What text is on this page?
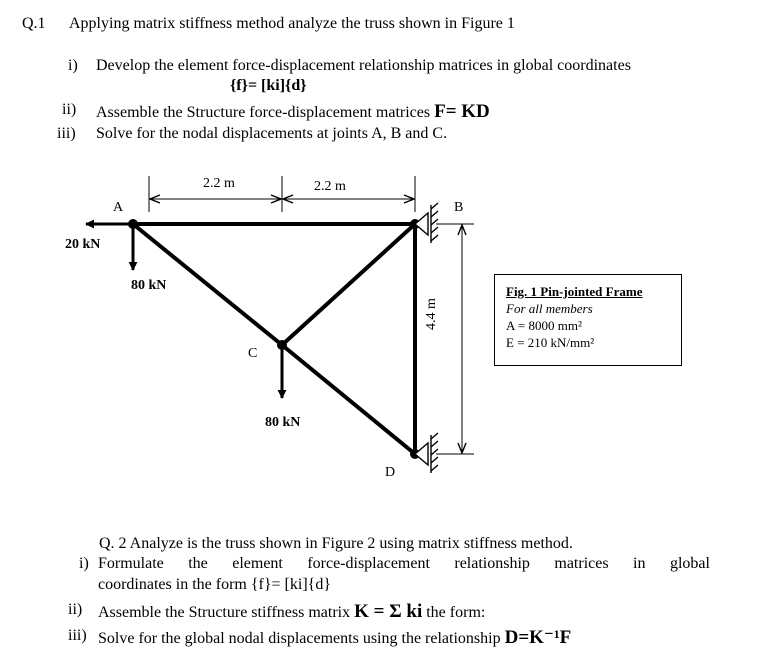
Q.1 Applying matrix stiffness method analyze the truss shown in Figure 1
i) Develop the element force-displacement relationship matrices in global coordinates
{f}= [ki]{d}
ii) Assemble the Structure force-displacement matrices F= KD
iii) Solve for the nodal displacements at joints A, B and C.
2.2 m	2.2 m
4.4 m
A	B
C
D
20 kN
80 kN
80 kN
Fig. 1 Pin-jointed Frame
For all members
A = 8000 mm²
E = 210 kN/mm²
Q. 2 Analyze is the truss shown in Figure 2 using matrix stiffness method.
i) Formulate the element force-displacement relationship matrices in global
coordinates in the form {f}= [ki]{d}
ii) Assemble the Structure stiffness matrix K = Σ ki the form:
iii) Solve for the global nodal displacements using the relationship D=K⁻¹F
